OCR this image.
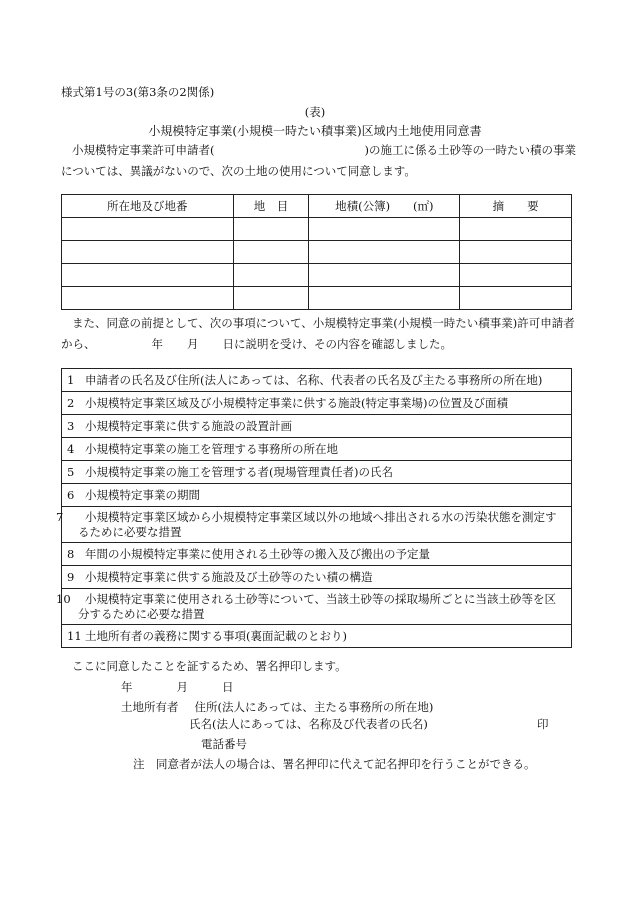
様式第1号の3(第3条の2関係)
(表)
小規模特定事業(小規模一時たい積事業)区域内土地使用同意書
小規模特定事業許可申請者(	)の施工に係る土砂等の一時たい積の事業については、異議がないので、次の土地の使用について同意します。
所在地及び地番	地　目	地積(公簿)　　(㎡)	摘　　要

また、同意の前提として、次の事項について、小規模特定事業(小規模一時たい積事業)許可申請者から、	年 月 日に説明を受け、その内容を確認しました。
1 申請者の氏名及び住所(法人にあっては、名称、代表者の氏名及び主たる事務所の所在地)
2 小規模特定事業区域及び小規模特定事業に供する施設(特定事業場)の位置及び面積
3 小規模特定事業に供する施設の設置計画
4 小規模特定事業の施工を管理する事務所の所在地
5 小規模特定事業の施工を管理する者(現場管理責任者)の氏名
6 小規模特定事業の期間

7 小規模特定事業区域から小規模特定事業区域以外の地域へ排出される水の汚染状態を測定するために必要な措置

8 年間の小規模特定事業に使用される土砂等の搬入及び搬出の予定量
9 小規模特定事業に供する施設及び土砂等のたい積の構造

10 小規模特定事業に使用される土砂等について、当該土砂等の採取場所ごとに当該土砂等を区分するために必要な措置

11 土地所有者の義務に関する事項(裏面記載のとおり)
ここに同意したことを証するため、署名押印します。
年	月	日
土地所有者 住所(法人にあっては、主たる事務所の所在地)
氏名(法人にあっては、名称及び代表者の氏名)	印
電話番号
注　同意者が法人の場合は、署名押印に代えて記名押印を行うことができる。
